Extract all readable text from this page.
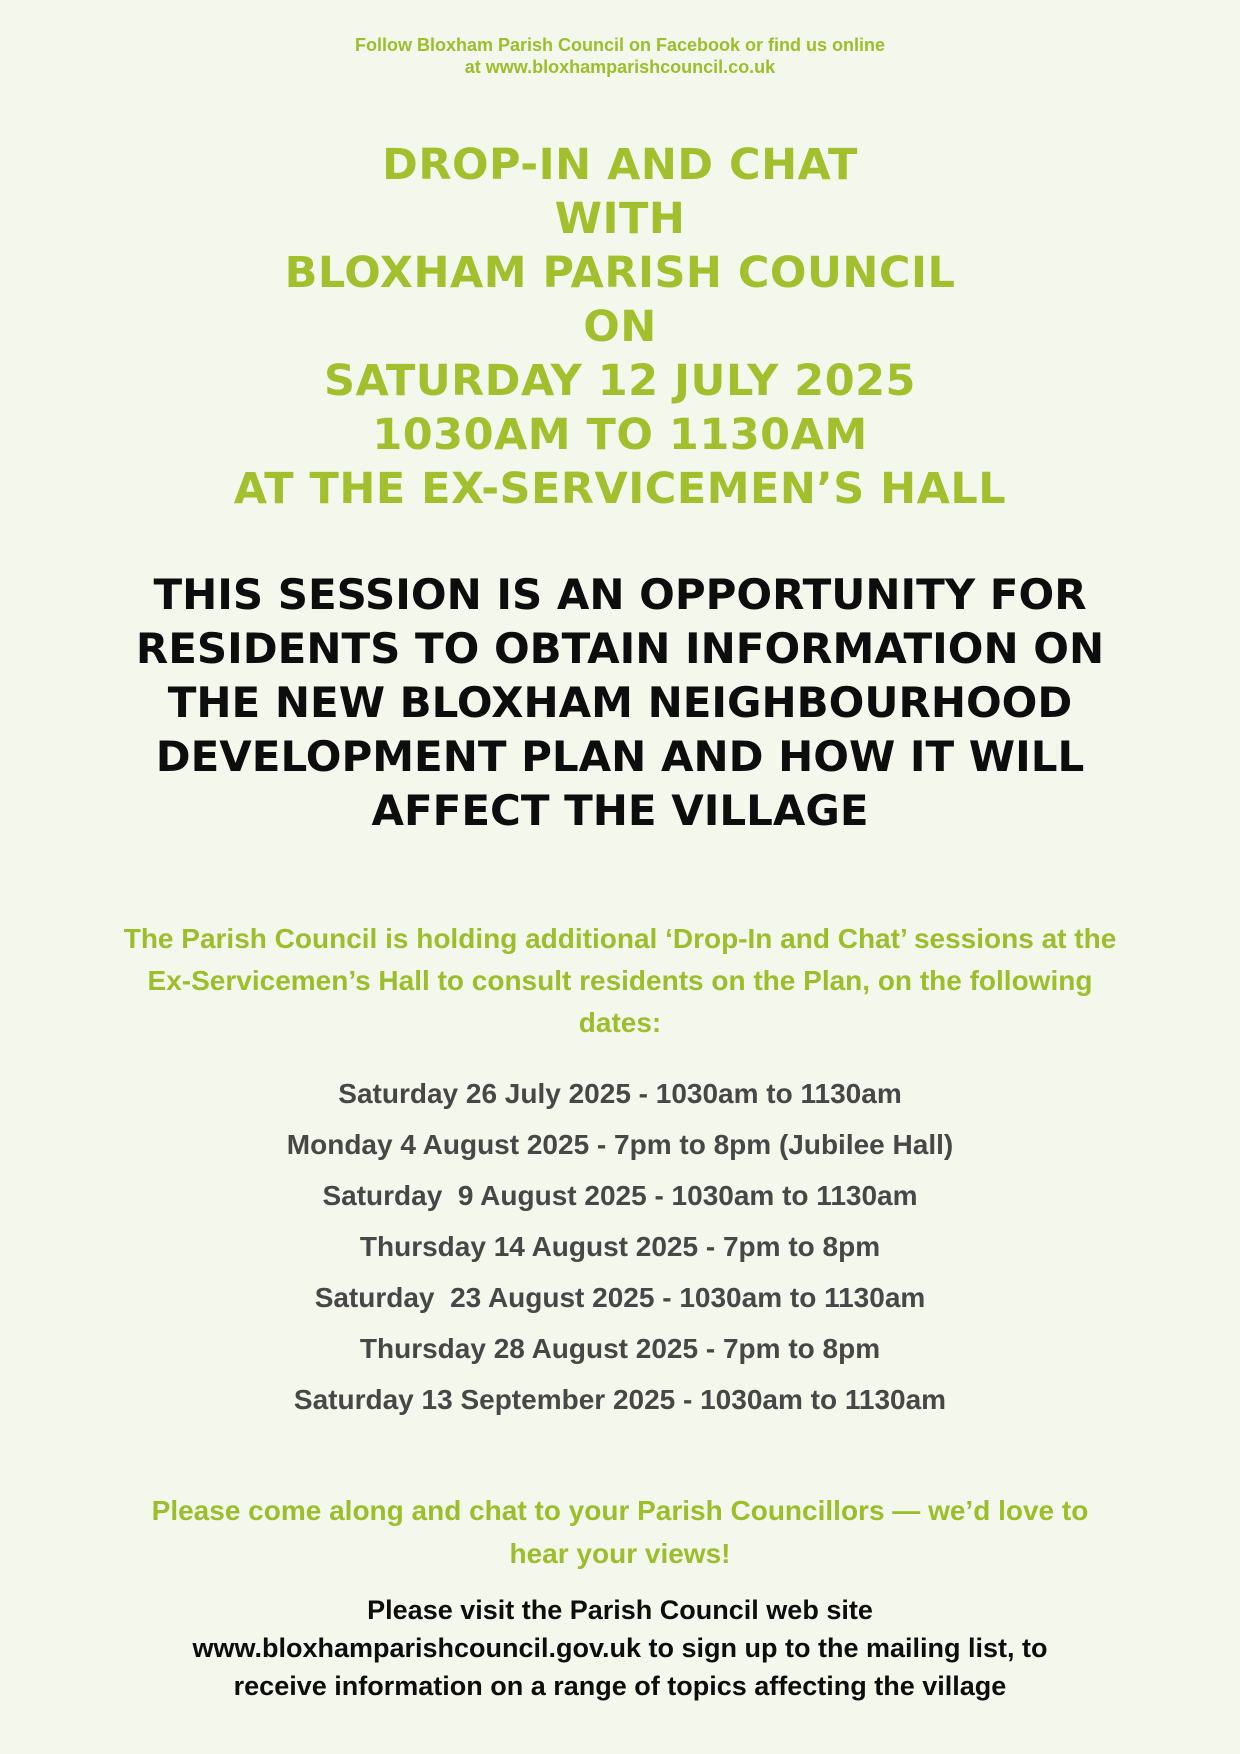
Follow Bloxham Parish Council on Facebook or find us online
at www.bloxhamparishcouncil.co.uk
DROP-IN AND CHAT
WITH
BLOXHAM PARISH COUNCIL
ON
SATURDAY 12 JULY 2025
1030AM TO 1130AM
AT THE EX-SERVICEMEN’S HALL
THIS SESSION IS AN OPPORTUNITY FOR
RESIDENTS TO OBTAIN INFORMATION ON
THE NEW BLOXHAM NEIGHBOURHOOD
DEVELOPMENT PLAN AND HOW IT WILL
AFFECT THE VILLAGE
The Parish Council is holding additional ‘Drop-In and Chat’ sessions at the
Ex-Servicemen’s Hall to consult residents on the Plan, on the following
dates:
Saturday 26 July 2025 - 1030am to 1130am
Monday 4 August 2025 - 7pm to 8pm (Jubilee Hall)
Saturday  9 August 2025 - 1030am to 1130am
Thursday 14 August 2025 - 7pm to 8pm
Saturday  23 August 2025 - 1030am to 1130am
Thursday 28 August 2025 - 7pm to 8pm
Saturday 13 September 2025 - 1030am to 1130am
Please come along and chat to your Parish Councillors — we’d love to
hear your views!
Please visit the Parish Council web site
www.bloxhamparishcouncil.gov.uk to sign up to the mailing list, to
receive information on a range of topics affecting the village
